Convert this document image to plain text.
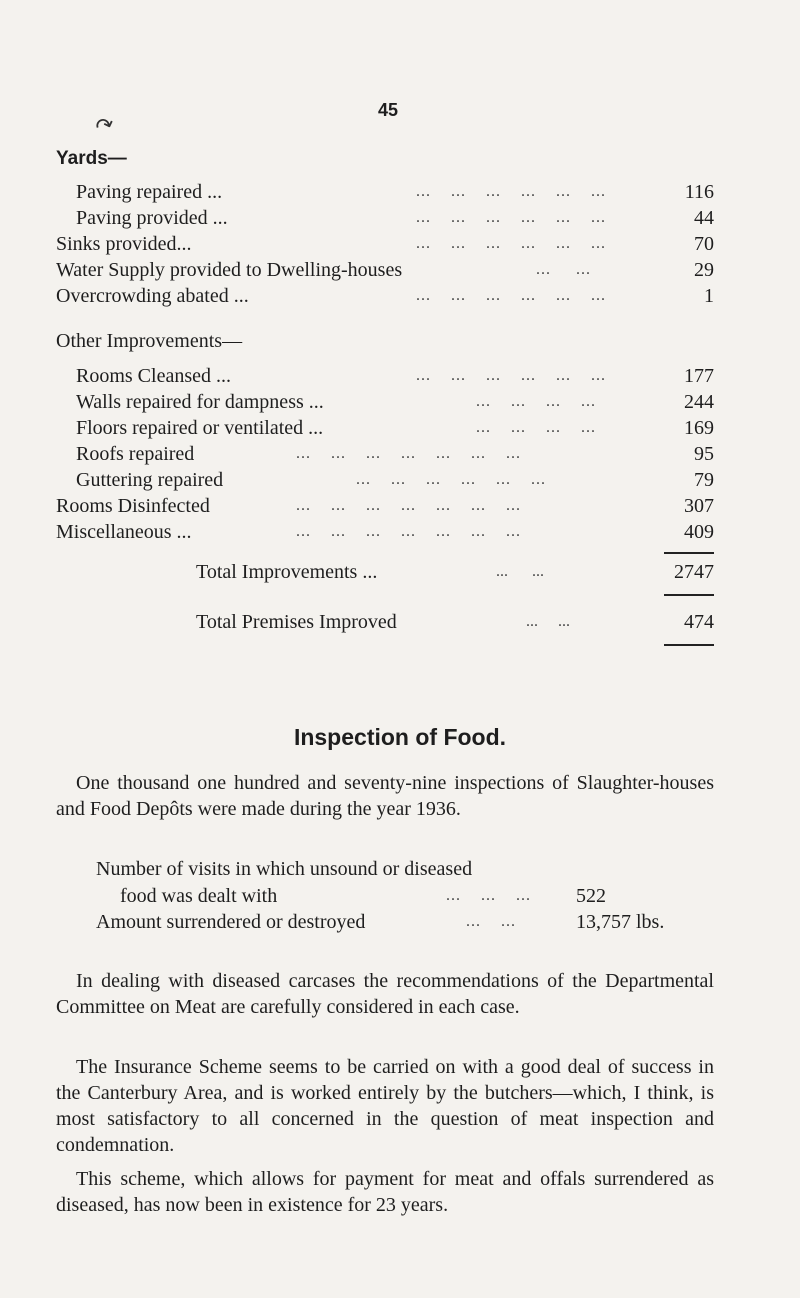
↷
45
Yards—
Paving repaired ...	...    ...    ...    ...    ...    ...	116
Paving provided ...	...    ...    ...    ...    ...    ...	44
Sinks provided...	...    ...    ...    ...    ...    ...	70
Water Supply provided to Dwelling-houses	...     ...	29
Overcrowding abated ...	...    ...    ...    ...    ...    ...	1
Other Improvements—
Rooms Cleansed ...	...    ...    ...    ...    ...    ...	177
Walls repaired for dampness ...	...    ...    ...    ...	244
Floors repaired or ventilated ...	...    ...    ...    ...	169
Roofs repaired	...    ...    ...    ...    ...    ...    ...	95
Guttering repaired	...    ...    ...    ...    ...    ...	79
Rooms Disinfected	...    ...    ...    ...    ...    ...    ...	307
Miscellaneous ...	...    ...    ...    ...    ...    ...    ...	409
Total Improvements ...	...      ...	2747
Total Premises Improved	...     ...	474
Inspection of Food.

One thousand one hundred and seventy-nine inspections of Slaughter-houses and Food Depôts were made during the year 1936.

Number of visits in which unsound or diseased
food was dealt with	...    ...    ...	522
Amount surrendered or destroyed	...    ...	13,757 lbs.

In dealing with diseased carcases the recommendations of the Departmental Committee on Meat are carefully considered in each case.

The Insurance Scheme seems to be carried on with a good deal of success in the Canterbury Area, and is worked entirely by the butchers—which, I think, is most satisfactory to all concerned in the question of meat inspection and condemnation.

This scheme, which allows for payment for meat and offals surrendered as diseased, has now been in existence for 23 years.
